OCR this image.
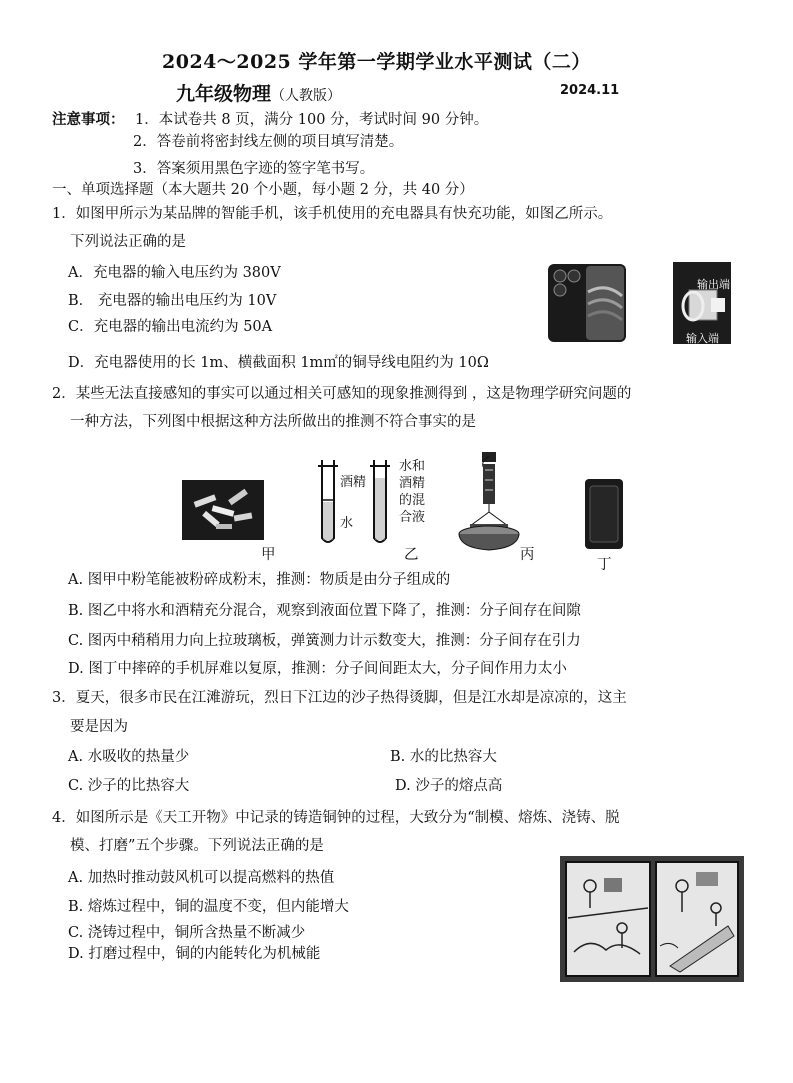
2024～2025 学年第一学期学业水平测试（二）
九年级物理（人教版）	2024.11
注意事项： 1．本试卷共 8 页，满分 100 分，考试时间 90 分钟。
2．答卷前将密封线左侧的项目填写清楚。
3．答案须用黑色字迹的签字笔书写。
一、单项选择题（本大题共 20 个小题，每小题 2 分，共 40 分）
1．如图甲所示为某品牌的智能手机，该手机使用的充电器具有快充功能，如图乙所示。
下列说法正确的是
A．充电器的输入电压约为 380V
B． 充电器的输出电压约为 10V
C．充电器的输出电流约为 50A
D．充电器使用的长 1m、横截面积 1m㎡的铜导线电阻约为 10Ω
输出端
输入端
2．某些无法直接感知的事实可以通过相关可感知的现象推测得到 ，这是物理学研究问题的
一种方法，下列图中根据这种方法所做出的推测不符合事实的是
甲
酒精
水
水和
酒精
的混
合液
乙	丙
丁
A. 图甲中粉笔能被粉碎成粉末，推测：物质是由分子组成的
B. 图乙中将水和酒精充分混合，观察到液面位置下降了，推测：分子间存在间隙
C. 图丙中稍稍用力向上拉玻璃板，弹簧测力计示数变大，推测：分子间存在引力
D. 图丁中摔碎的手机屏难以复原，推测：分子间间距太大，分子间作用力太小
3．夏天，很多市民在江滩游玩，烈日下江边的沙子热得烫脚，但是江水却是凉凉的，这主
要是因为
A. 水吸收的热量少	B. 水的比热容大
C. 沙子的比热容大	D. 沙子的熔点高
4．如图所示是《天工开物》中记录的铸造铜钟的过程，大致分为“制模、熔炼、浇铸、脱
模、打磨”五个步骤。下列说法正确的是
A. 加热时推动鼓风机可以提高燃料的热值
B. 熔炼过程中，铜的温度不变，但内能增大
C. 浇铸过程中，铜所含热量不断减少
D. 打磨过程中，铜的内能转化为机械能
